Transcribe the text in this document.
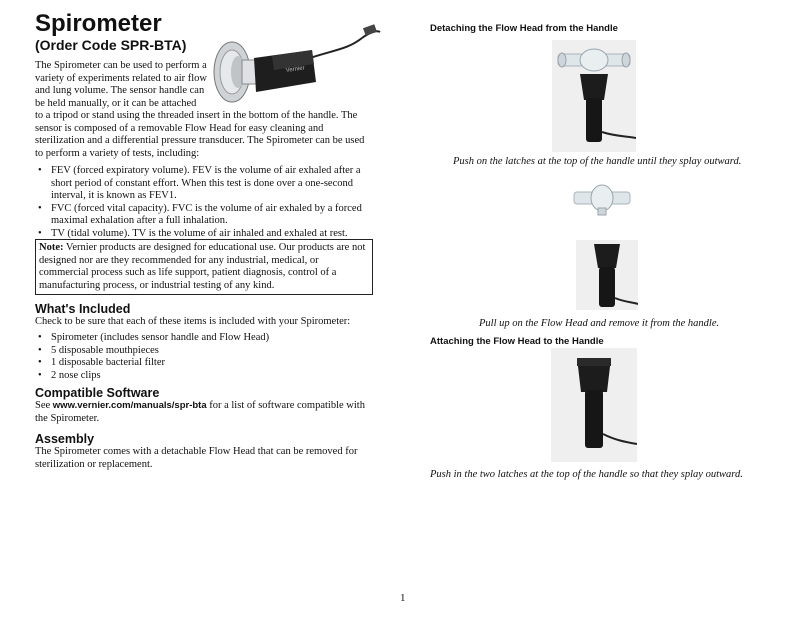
Spirometer
(Order Code SPR-BTA)
Vernier
The Spirometer can be used to perform a variety of experiments related to air flow and lung volume. The sensor handle can be held manually, or it can be attached
to a tripod or stand using the threaded insert in the bottom of the handle. The sensor is composed of a removable Flow Head for easy cleaning and sterilization and a differential pressure transducer. The Spirometer can be used to perform a variety of tests, including:
• FEV (forced expiratory volume). FEV is the volume of air exhaled after a short period of constant effort. When this test is done over a one-second interval, it is known as FEV1.
• FVC (forced vital capacity). FVC is the volume of air exhaled by a forced maximal exhalation after a full inhalation.
• TV (tidal volume). TV is the volume of air inhaled and exhaled at rest.
Note: Vernier products are designed for educational use. Our products are not designed nor are they recommended for any industrial, medical, or commercial process such as life support, patient diagnosis, control of a manufacturing process, or industrial testing of any kind.
What's Included
Check to be sure that each of these items is included with your Spirometer:
• Spirometer (includes sensor handle and Flow Head)
• 5 disposable mouthpieces
• 1 disposable bacterial filter
• 2 nose clips
Compatible Software
See www.vernier.com/manuals/spr-bta for a list of software compatible with the Spirometer.
Assembly
The Spirometer comes with a detachable Flow Head that can be removed for sterilization or replacement.
Detaching the Flow Head from the Handle
Push on the latches at the top of the handle until they splay outward.
Pull up on the Flow Head and remove it from the handle.
Attaching the Flow Head to the Handle
Push in the two latches at the top of the handle so that they splay outward.
1
